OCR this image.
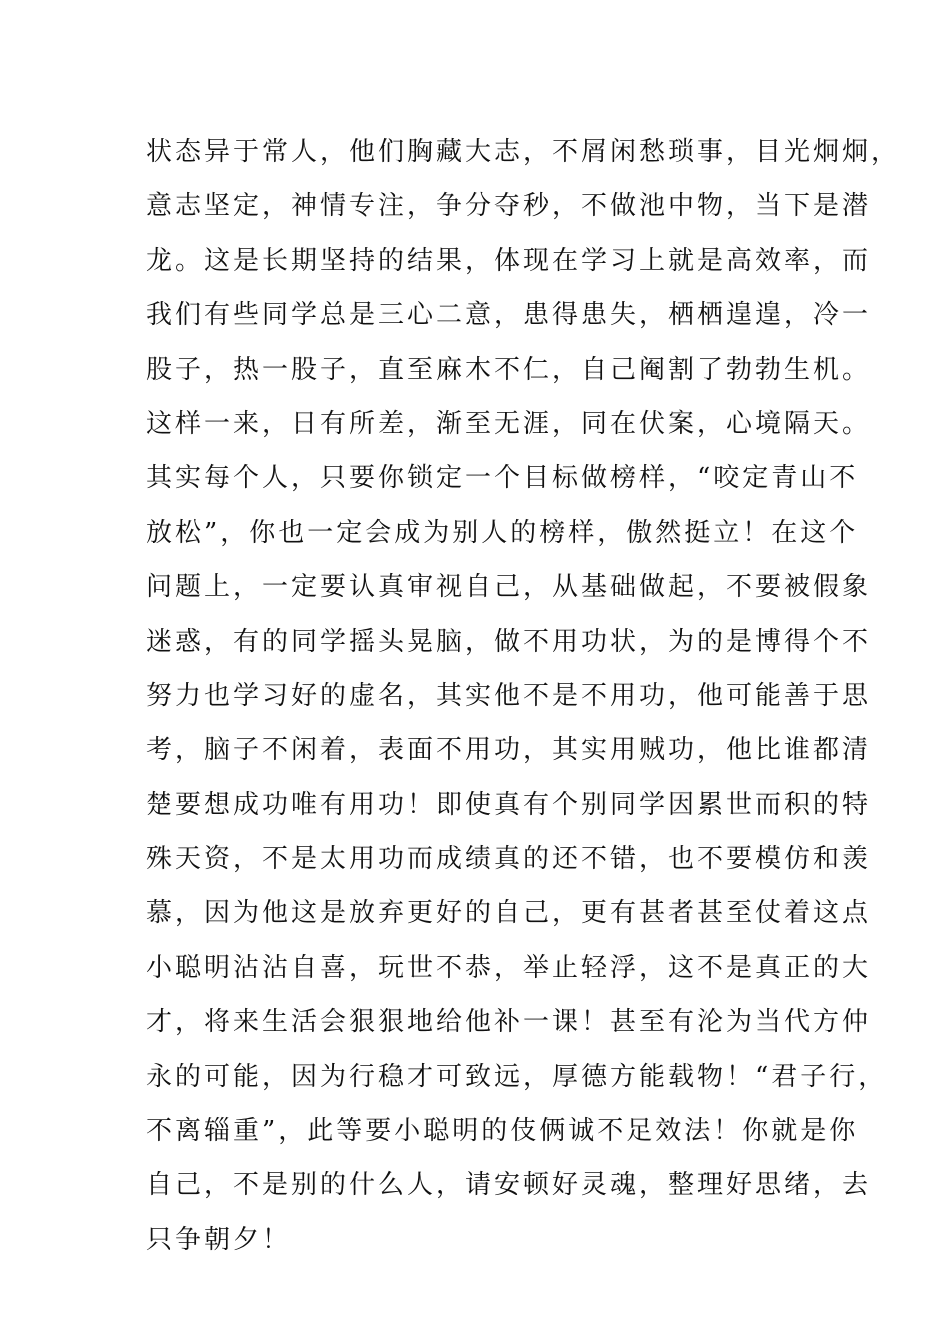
状态异于常人，他们胸藏大志，不屑闲愁琐事，目光炯炯，
意志坚定，神情专注，争分夺秒，不做池中物，当下是潜
龙。这是长期坚持的结果，体现在学习上就是高效率，而
我们有些同学总是三心二意，患得患失，栖栖遑遑，冷一
股子，热一股子，直至麻木不仁，自己阉割了勃勃生机。
这样一来，日有所差，渐至无涯，同在伏案，心境隔天。
其实每个人，只要你锁定一个目标做榜样，“咬定青山不
放松”，你也一定会成为别人的榜样，傲然挺立！在这个
问题上，一定要认真审视自己，从基础做起，不要被假象
迷惑，有的同学摇头晃脑，做不用功状，为的是博得个不
努力也学习好的虚名，其实他不是不用功，他可能善于思
考，脑子不闲着，表面不用功，其实用贼功，他比谁都清
楚要想成功唯有用功！即使真有个别同学因累世而积的特
殊天资，不是太用功而成绩真的还不错，也不要模仿和羡
慕，因为他这是放弃更好的自己，更有甚者甚至仗着这点
小聪明沾沾自喜，玩世不恭，举止轻浮，这不是真正的大
才，将来生活会狠狠地给他补一课！甚至有沦为当代方仲
永的可能，因为行稳才可致远，厚德方能载物！“君子行，
不离辎重”，此等要小聪明的伎俩诚不足效法！你就是你
自己，不是别的什么人，请安顿好灵魂，整理好思绪，去
只争朝夕！
